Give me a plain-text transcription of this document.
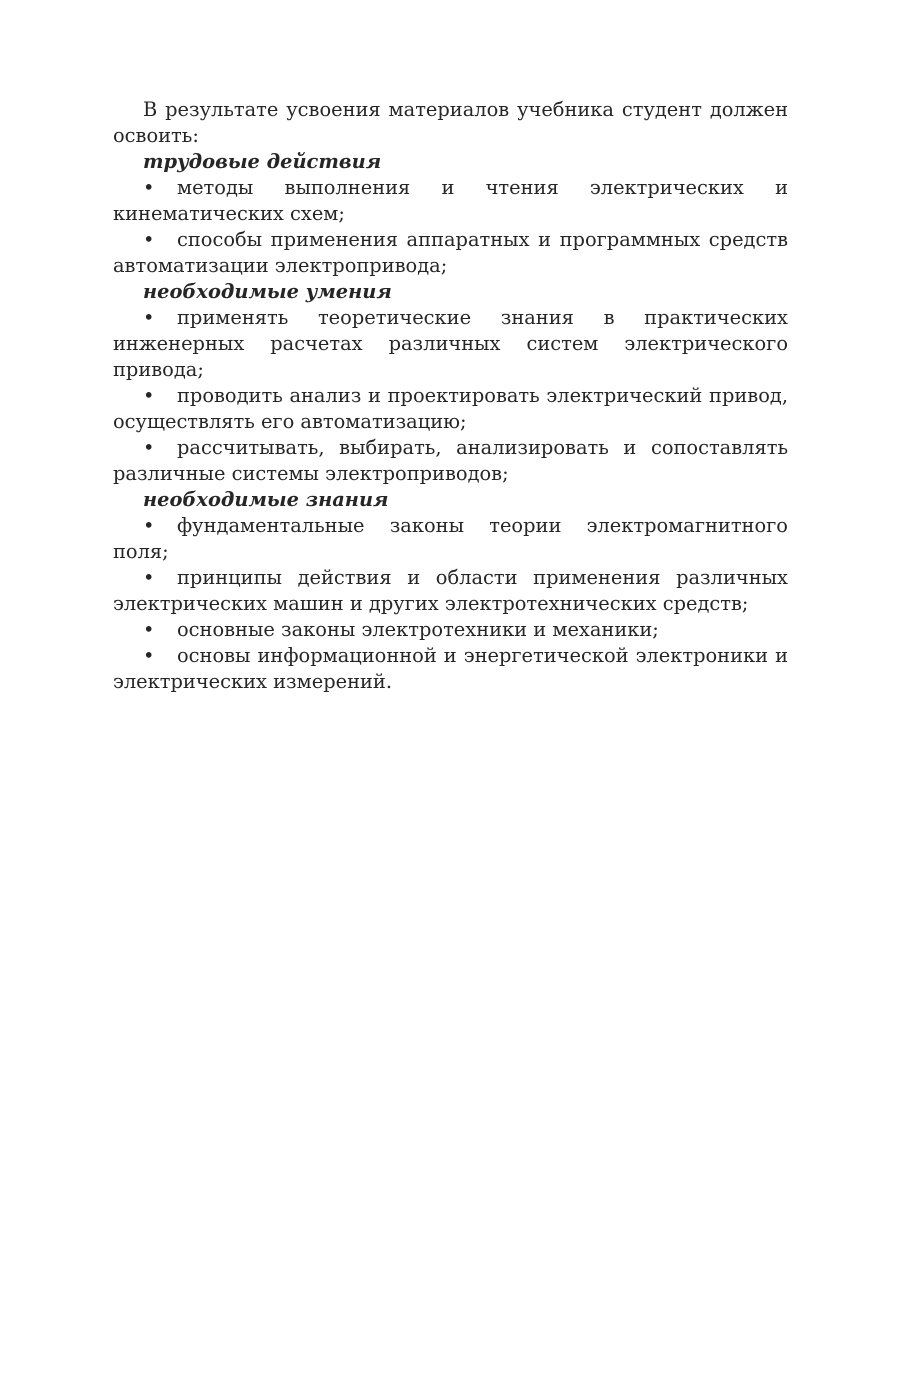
В результате усвоения материалов учебника студент должен освоить:

трудовые действия

• методы выполнения и чтения электрических и кинематических схем;

• способы применения аппаратных и программных средств автоматизации электропривода;

необходимые умения

• применять теоретические знания в практических инженерных расчетах различных систем электрического привода;

• проводить анализ и проектировать электрический привод, осуществлять его автоматизацию;

• рассчитывать, выбирать, анализировать и сопоставлять различные системы электроприводов;

необходимые знания

• фундаментальные законы теории электромагнитного поля;

• принципы действия и области применения различных электрических машин и других электротехнических средств;

• основные законы электротехники и механики;

• основы информационной и энергетической электроники и электрических измерений.
